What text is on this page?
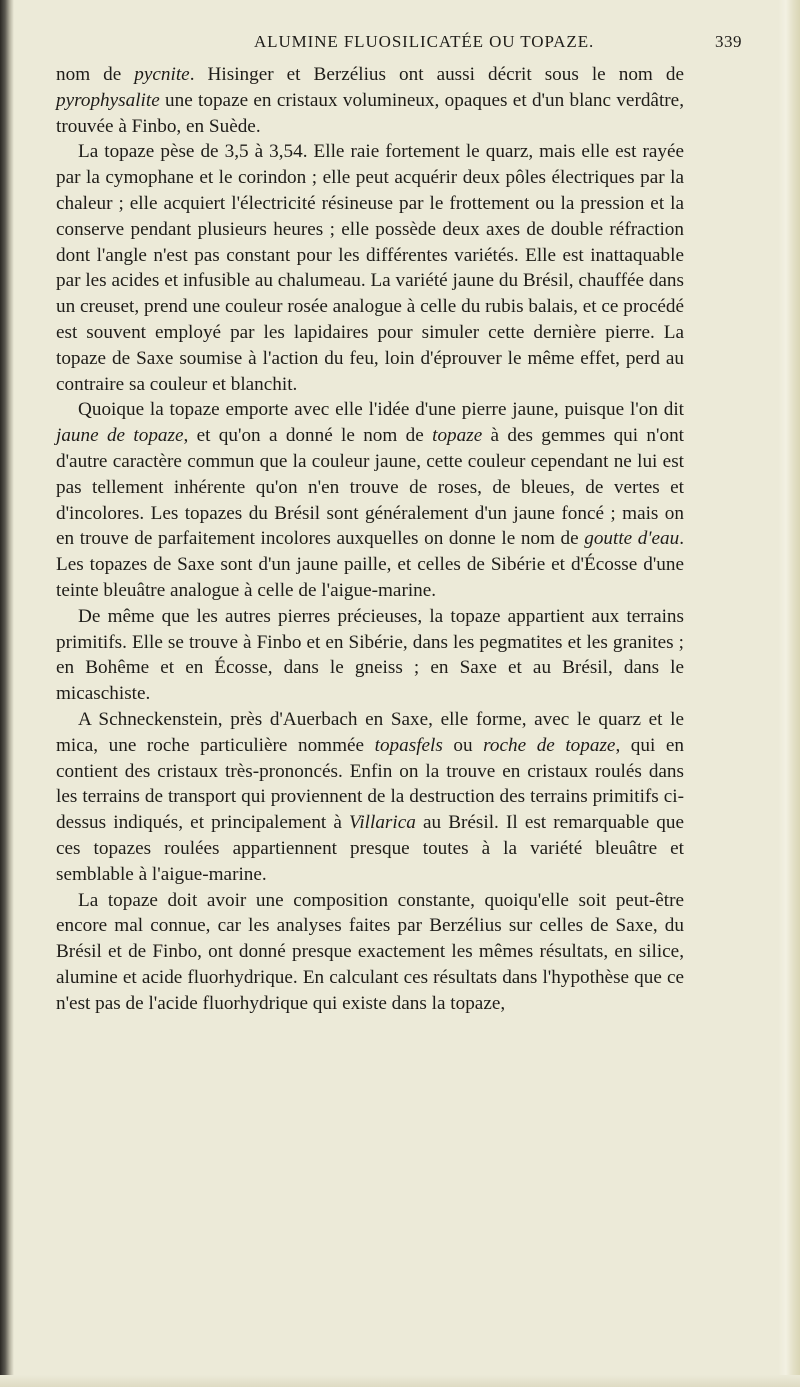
ALUMINE FLUOSILICATÉE OU TOPAZE.	339

nom de pycnite. Hisinger et Berzélius ont aussi décrit sous le nom de pyrophysalite une topaze en cristaux volumineux, opaques et d'un blanc verdâtre, trouvée à Finbo, en Suède.

La topaze pèse de 3,5 à 3,54. Elle raie fortement le quarz, mais elle est rayée par la cymophane et le corindon ; elle peut acquérir deux pôles électriques par la chaleur ; elle acquiert l'électricité résineuse par le frottement ou la pression et la conserve pendant plusieurs heures ; elle possède deux axes de double réfraction dont l'angle n'est pas constant pour les différentes variétés. Elle est inattaquable par les acides et infusible au chalumeau. La variété jaune du Brésil, chauffée dans un creuset, prend une couleur rosée analogue à celle du rubis balais, et ce procédé est souvent employé par les lapidaires pour simuler cette dernière pierre. La topaze de Saxe soumise à l'action du feu, loin d'éprouver le même effet, perd au contraire sa couleur et blanchit.

Quoique la topaze emporte avec elle l'idée d'une pierre jaune, puisque l'on dit jaune de topaze, et qu'on a donné le nom de topaze à des gemmes qui n'ont d'autre caractère commun que la couleur jaune, cette couleur cependant ne lui est pas tellement inhérente qu'on n'en trouve de roses, de bleues, de vertes et d'incolores. Les topazes du Brésil sont généralement d'un jaune foncé ; mais on en trouve de parfaitement incolores auxquelles on donne le nom de goutte d'eau. Les topazes de Saxe sont d'un jaune paille, et celles de Sibérie et d'Écosse d'une teinte bleuâtre analogue à celle de l'aigue-marine.

De même que les autres pierres précieuses, la topaze appartient aux terrains primitifs. Elle se trouve à Finbo et en Sibérie, dans les pegmatites et les granites ; en Bohême et en Écosse, dans le gneiss ; en Saxe et au Brésil, dans le micaschiste.

A Schneckenstein, près d'Auerbach en Saxe, elle forme, avec le quarz et le mica, une roche particulière nommée topasfels ou roche de topaze, qui en contient des cristaux très-prononcés. Enfin on la trouve en cristaux roulés dans les terrains de transport qui proviennent de la destruction des terrains primitifs ci-dessus indiqués, et principalement à Villarica au Brésil. Il est remarquable que ces topazes roulées appartiennent presque toutes à la variété bleuâtre et semblable à l'aigue-marine.

La topaze doit avoir une composition constante, quoiqu'elle soit peut-être encore mal connue, car les analyses faites par Berzélius sur celles de Saxe, du Brésil et de Finbo, ont donné presque exactement les mêmes résultats, en silice, alumine et acide fluorhydrique. En calculant ces résultats dans l'hypothèse que ce n'est pas de l'acide fluorhydrique qui existe dans la topaze,
